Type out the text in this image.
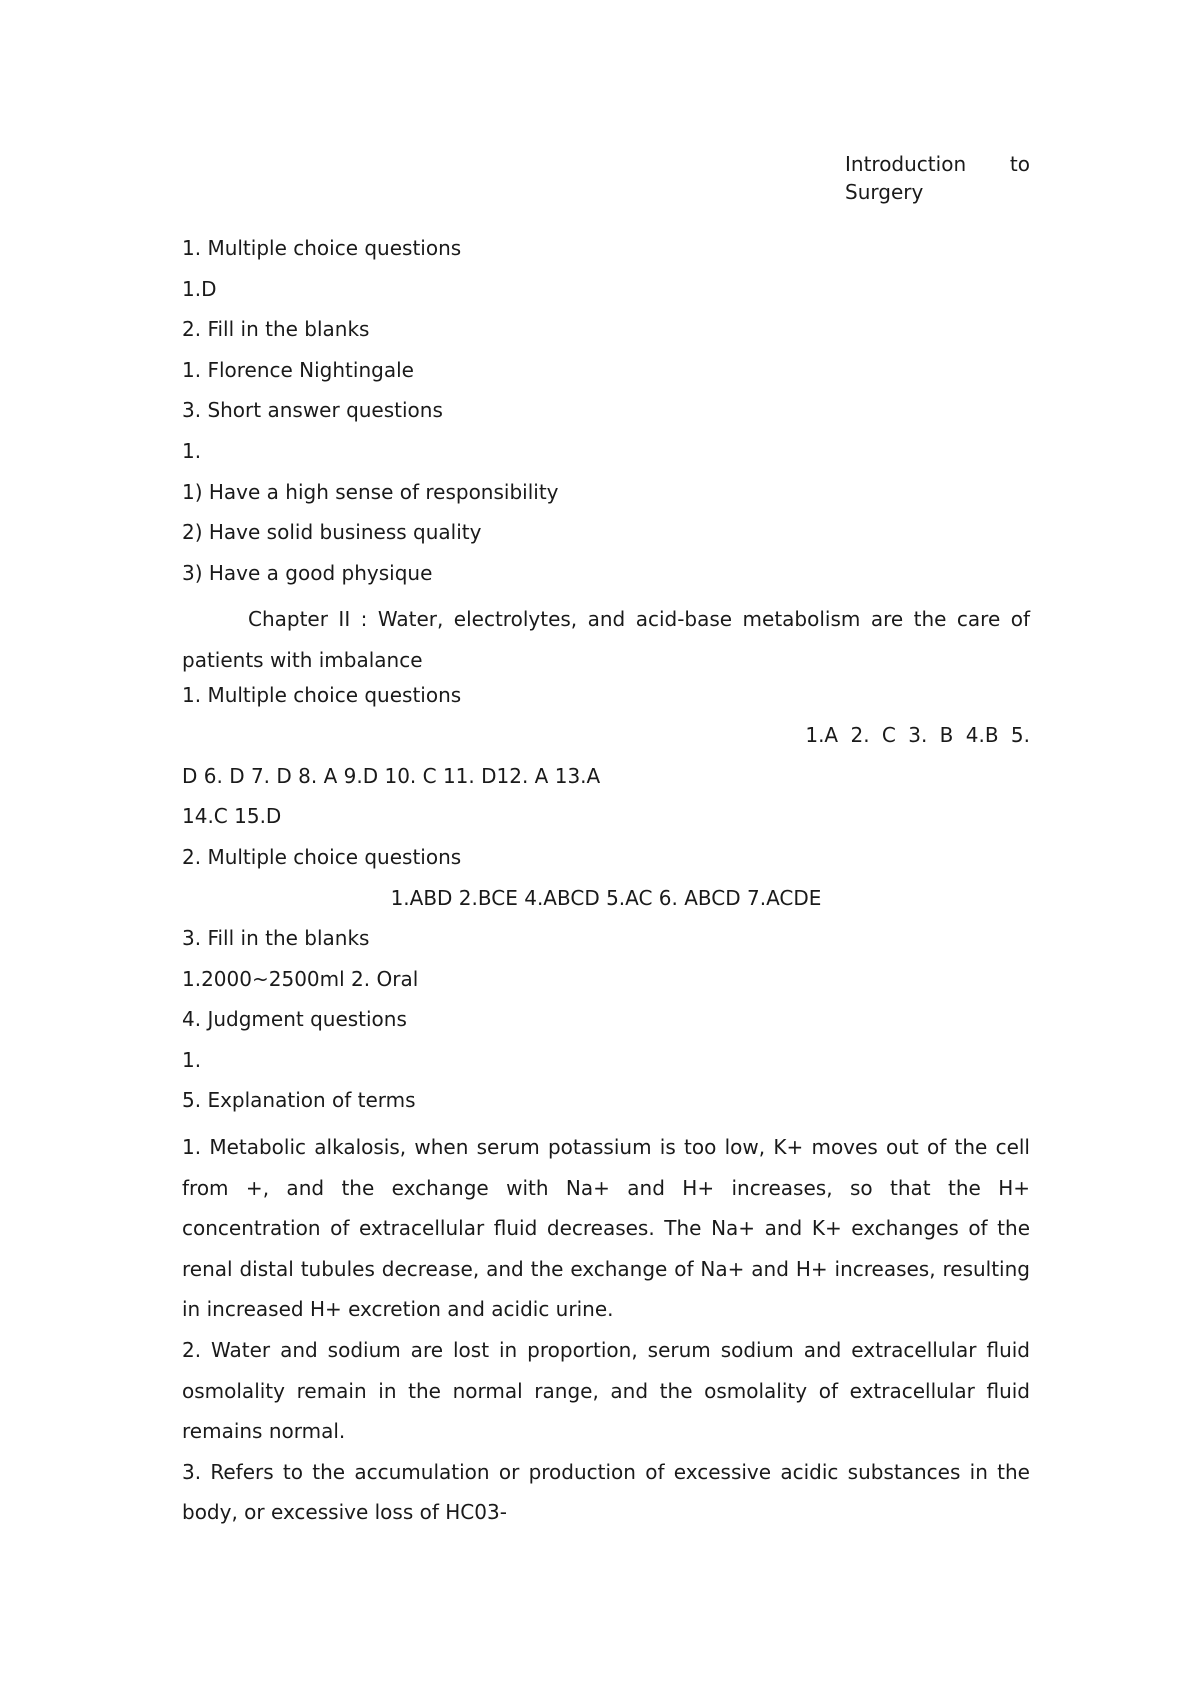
Introduction to
Surgery
1. Multiple choice questions
1.D
2. Fill in the blanks
1. Florence Nightingale
3. Short answer questions
1.
1) Have a high sense of responsibility
2) Have solid business quality
3) Have a good physique

Chapter II : Water, electrolytes, and acid-base metabolism are the care of patients with imbalance

1. Multiple choice questions
1.A 2. C 3. B 4.B 5.
D 6. D 7. D 8. A 9.D 10. C 11. D12. A 13.A
14.C 15.D
2. Multiple choice questions
1.ABD 2.BCE 4.ABCD 5.AC 6. ABCD 7.ACDE
3. Fill in the blanks
1.2000~2500ml 2. Oral
4. Judgment questions
1.
5. Explanation of terms

1. Metabolic alkalosis, when serum potassium is too low, K+ moves out of the cell from +, and the exchange with Na+ and H+ increases, so that the H+ concentration of extracellular fluid decreases. The Na+ and K+ exchanges of the renal distal tubules decrease, and the exchange of Na+ and H+ increases, resulting in increased H+ excretion and acidic urine.

2. Water and sodium are lost in proportion, serum sodium and extracellular fluid osmolality remain in the normal range, and the osmolality of extracellular fluid remains normal.

3. Refers to the accumulation or production of excessive acidic substances in the body, or excessive loss of HC03-
